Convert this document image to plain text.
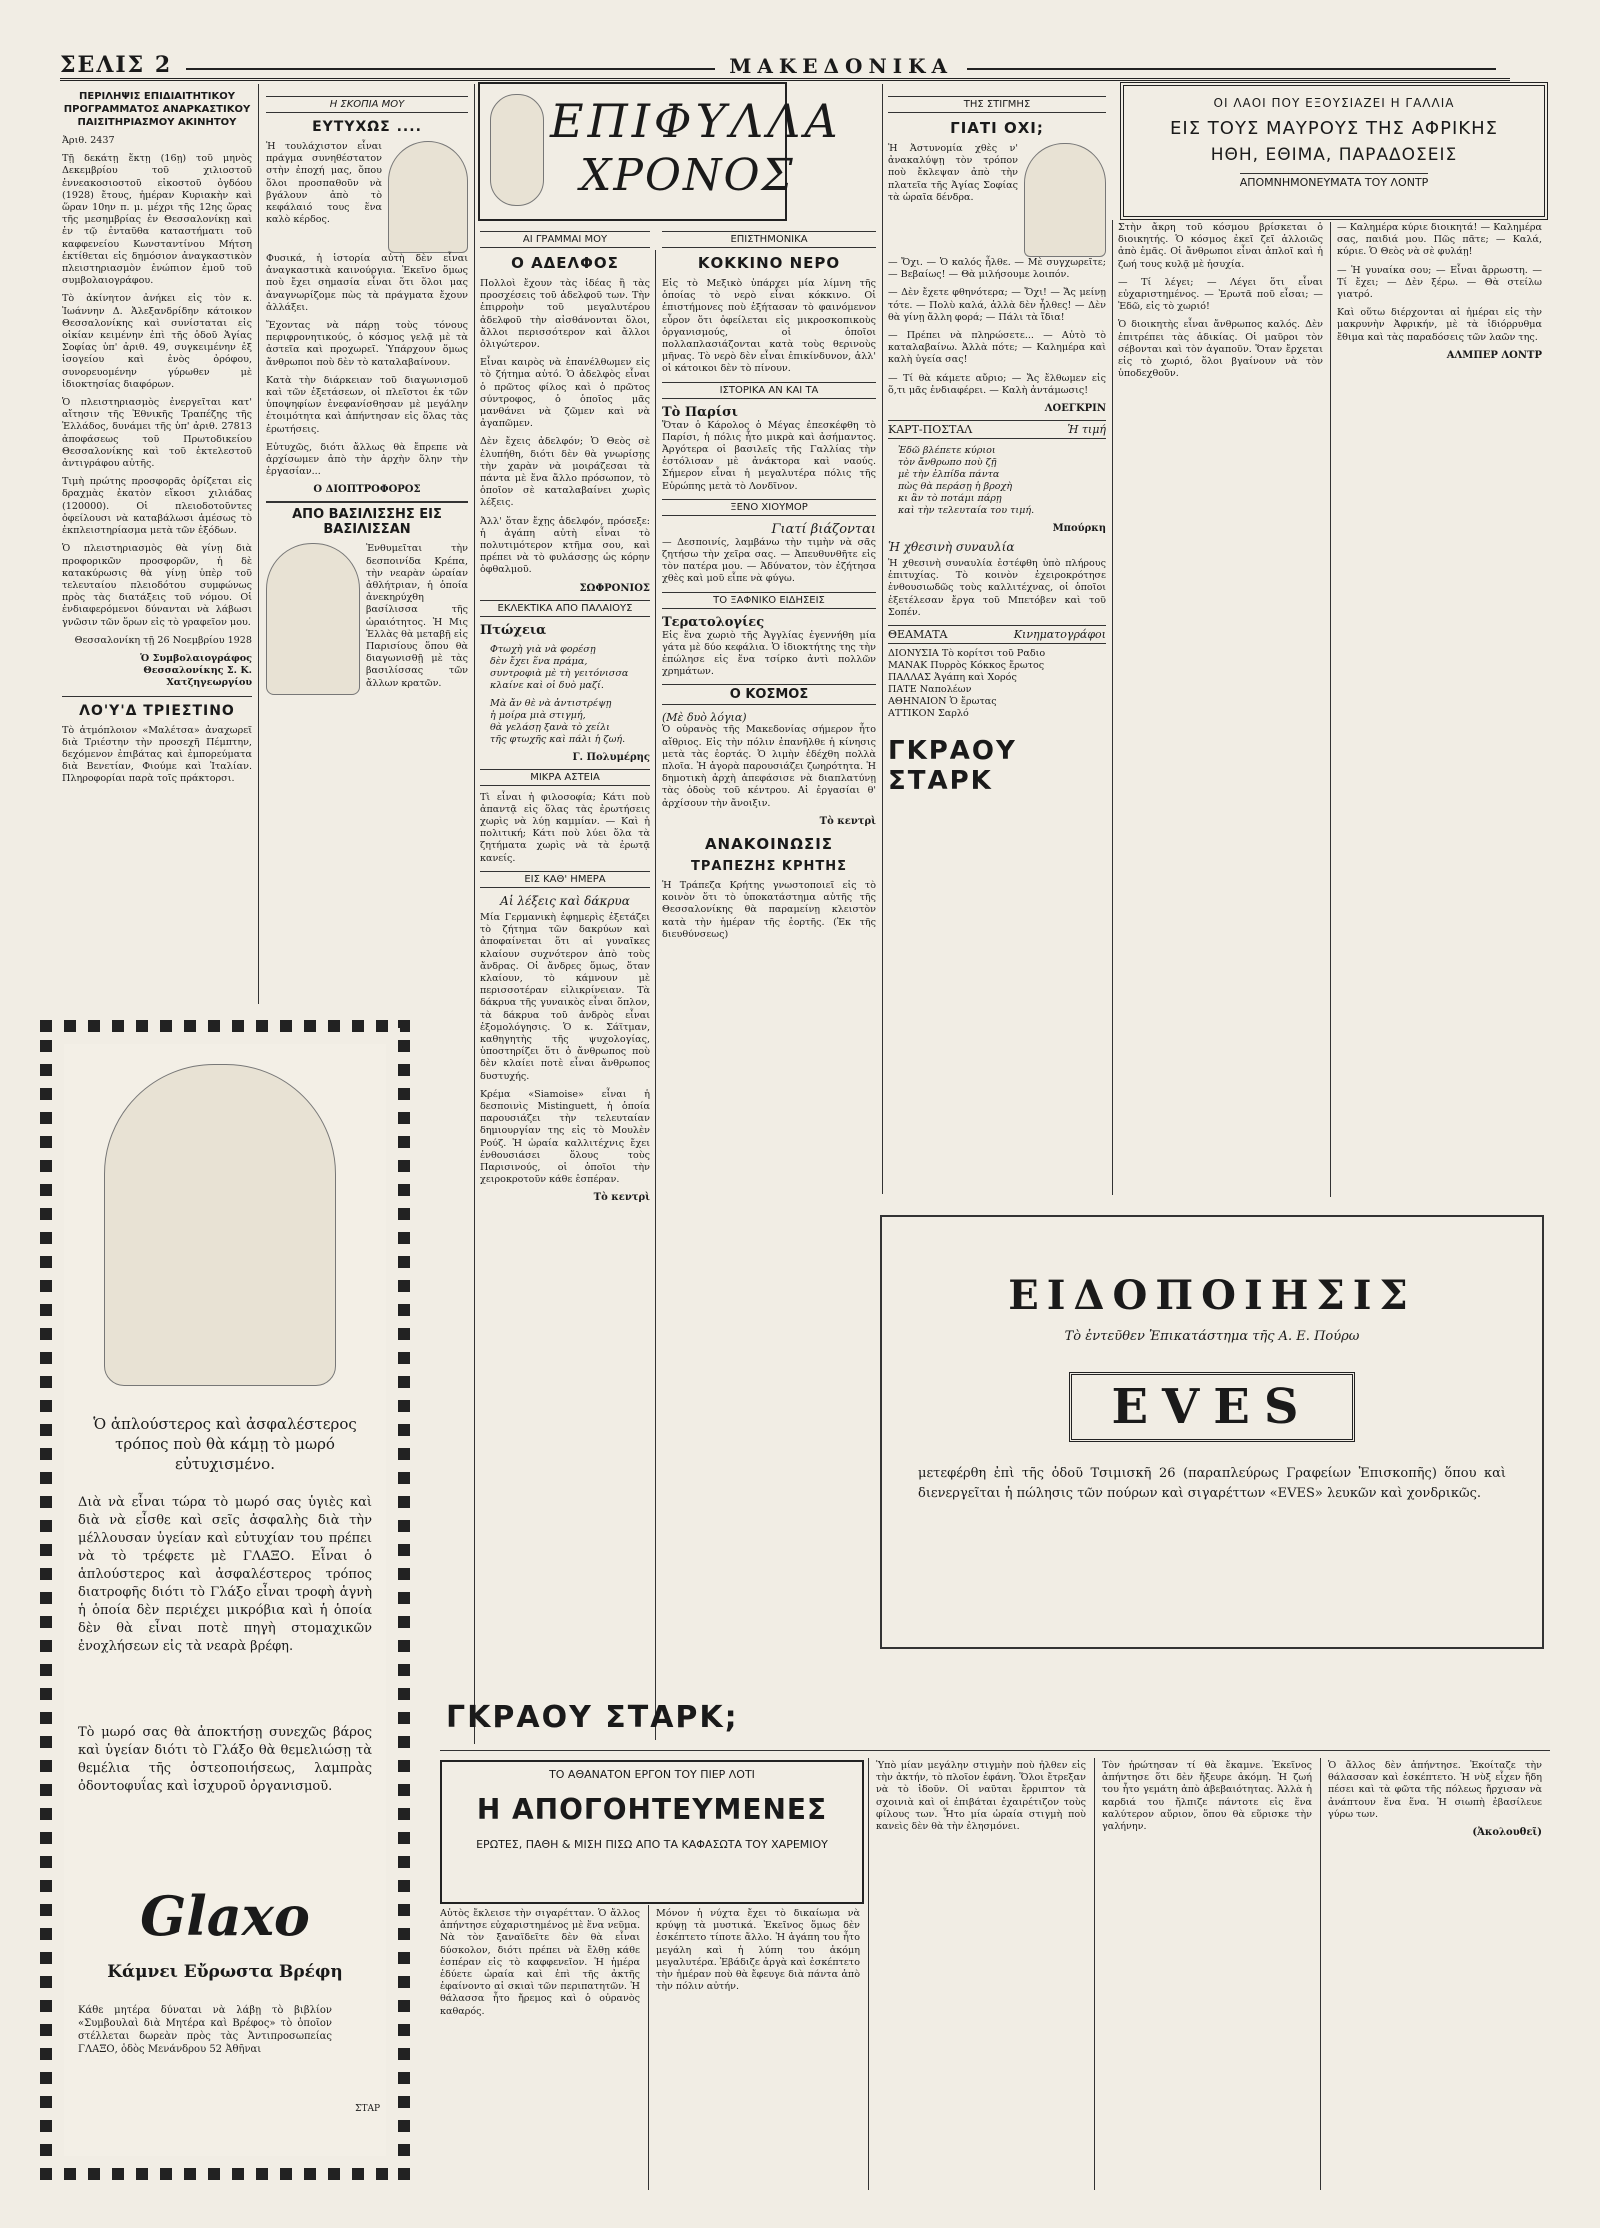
ΣΕΛΙΣ 2	ΜΑΚΕΔΟΝΙΚΑ
ΠΕΡΙΛΗΨΙΣ ΕΠΙΔΙΑΙΤΗΤΙΚΟΥ
ΠΡΟΓΡΑΜΜΑΤΟΣ ΑΝΑΡΚΑΣΤΙΚΟΥ
ΠΑΙΣΙΤΗΡΙΑΣΜΟΥ ΑΚΙΝΗΤΟΥ

Ἀριθ. 2437

Τῇ δεκάτῃ ἕκτῃ (16ῃ) τοῦ μηνὸς Δεκεμβρίου τοῦ χιλιοστοῦ ἐννεακοσιοστοῦ εἰκοστοῦ ὀγδόου (1928) ἔτους, ἡμέραν Κυριακὴν καὶ ὥραν 10ην π. μ. μέχρι τῆς 12ης ὥρας τῆς μεσημβρίας ἐν Θεσσαλονίκῃ καὶ ἐν τῷ ἐνταῦθα καταστήματι τοῦ καφφενείου Κωνσταντίνου Μήτση ἐκτίθεται εἰς δημόσιον ἀναγκαστικὸν πλειστηριασμὸν ἐνώπιον ἐμοῦ τοῦ συμβολαιογράφου.

Τὸ ἀκίνητον ἀνήκει εἰς τὸν κ. Ἰωάννην Δ. Ἀλεξανδρίδην κάτοικον Θεσσαλονίκης καὶ συνίσταται εἰς οἰκίαν κειμένην ἐπὶ τῆς ὁδοῦ Ἁγίας Σοφίας ὑπ' ἀριθ. 49, συγκειμένην ἐξ ἰσογείου καὶ ἑνὸς ὀρόφου, συνορευομένην γύρωθεν μὲ ἰδιοκτησίας διαφόρων.

Ὁ πλειστηριασμὸς ἐνεργεῖται κατ' αἴτησιν τῆς Ἐθνικῆς Τραπέζης τῆς Ἑλλάδος, δυνάμει τῆς ὑπ' ἀριθ. 27813 ἀποφάσεως τοῦ Πρωτοδικείου Θεσσαλονίκης καὶ τοῦ ἐκτελεστοῦ ἀντιγράφου αὐτῆς.

Τιμὴ πρώτης προσφορᾶς ὁρίζεται εἰς δραχμὰς ἑκατὸν εἴκοσι χιλιάδας (120000). Οἱ πλειοδοτοῦντες ὀφείλουσι νὰ καταβάλωσι ἀμέσως τὸ ἐκπλειστηρίασμα μετὰ τῶν ἐξόδων.

Ὁ πλειστηριασμὸς θὰ γίνῃ διὰ προφορικῶν προσφορῶν, ἡ δὲ κατακύρωσις θὰ γίνῃ ὑπὲρ τοῦ τελευταίου πλειοδότου συμφώνως πρὸς τὰς διατάξεις τοῦ νόμου. Οἱ ἐνδιαφερόμενοι δύνανται νὰ λάβωσι γνῶσιν τῶν ὅρων εἰς τὸ γραφεῖον μου.

Θεσσαλονίκη τῇ 26 Νοεμβρίου 1928

Ὁ Συμβολαιογράφος Θεσσαλονίκης Σ. Κ. Χατζηγεωργίου

ΛΟ'Υ'Δ ΤΡΙΕΣΤΙΝΟ

Τὸ ἀτμόπλοιον «Μαλέτσα» ἀναχωρεῖ διὰ Τριέστην τὴν προσεχῆ Πέμπτην, δεχόμενον ἐπιβάτας καὶ ἐμπορεύματα διὰ Βενετίαν, Φιούμε καὶ Ἰταλίαν. Πληροφορίαι παρὰ τοῖς πράκτορσι.

Η ΣΚΟΠΙΑ ΜΟΥ
ΕΥΤΥΧΩΣ ....

Ἡ τουλάχιστον εἶναι πράγμα συνηθέστατον στὴν ἐποχή μας, ὅπου ὅλοι προσπαθοῦν νὰ βγάλουν ἀπὸ τὸ κεφάλαιό τους ἕνα καλὸ κέρδος.

Φυσικά, ἡ ἱστορία αὐτὴ δὲν εἶναι ἀναγκαστικὰ καινούργια. Ἐκεῖνο ὅμως ποὺ ἔχει σημασία εἶναι ὅτι ὅλοι μας ἀναγνωρίζομε πὼς τὰ πράγματα ἔχουν ἀλλάξει.

Ἔχοντας νὰ πάρῃ τοὺς τόνους περιφρονητικούς, ὁ κόσμος γελᾷ μὲ τὰ ἀστεῖα καὶ προχωρεῖ. Ὑπάρχουν ὅμως ἄνθρωποι ποὺ δὲν τὸ καταλαβαίνουν.

Κατὰ τὴν διάρκειαν τοῦ διαγωνισμοῦ καὶ τῶν ἐξετάσεων, οἱ πλεῖστοι ἐκ τῶν ὑποψηφίων ἐνεφανίσθησαν μὲ μεγάλην ἐτοιμότητα καὶ ἀπήντησαν εἰς ὅλας τὰς ἐρωτήσεις.

Εὐτυχῶς, διότι ἄλλως θὰ ἔπρεπε νὰ ἀρχίσωμεν ἀπὸ τὴν ἀρχὴν ὅλην τὴν ἐργασίαν...

Ο ΔΙΟΠΤΡΟΦΟΡΟΣ
ΑΠΟ ΒΑΣΙΛΙΣΣΗΣ ΕΙΣ ΒΑΣΙΛΙΣΣΑΝ

Ἐνθυμεῖται τὴν δεσποινίδα Κρέπα, τὴν νεαρὰν ὡραίαν ἀθλήτριαν, ἡ ὁποία ἀνεκηρύχθη βασίλισσα τῆς ὡραιότητος. Ἡ Μις Ἑλλὰς θὰ μεταβῇ εἰς Παρισίους ὅπου θὰ διαγωνισθῇ μὲ τὰς βασιλίσσας τῶν ἄλλων κρατῶν.

ΕΠΙΦΥΛΛΑ
ΧΡΟΝΟΣ
ΑΙ ΓΡΑΜΜΑΙ ΜΟΥ
Ο ΑΔΕΛΦΟΣ

Πολλοὶ ἔχουν τὰς ἰδέας ἢ τὰς προσχέσεις τοῦ ἀδελφοῦ των. Τὴν ἐπιρροὴν τοῦ μεγαλυτέρου ἀδελφοῦ τὴν αἰσθάνονται ὅλοι, ἄλλοι περισσότερον καὶ ἄλλοι ὀλιγώτερον.

Εἶναι καιρὸς νὰ ἐπανέλθωμεν εἰς τὸ ζήτημα αὐτό. Ὁ ἀδελφὸς εἶναι ὁ πρῶτος φίλος καὶ ὁ πρῶτος σύντροφος, ὁ ὁποῖος μᾶς μανθάνει νὰ ζῶμεν καὶ νὰ ἀγαπῶμεν.

Δὲν ἔχεις ἀδελφόν; Ὁ Θεὸς σὲ ἐλυπήθη, διότι δὲν θὰ γνωρίσῃς τὴν χαρὰν νὰ μοιράζεσαι τὰ πάντα μὲ ἕνα ἄλλο πρόσωπον, τὸ ὁποῖον σὲ καταλαβαίνει χωρὶς λέξεις.

Ἀλλ' ὅταν ἔχῃς ἀδελφόν, πρόσεξε: ἡ ἀγάπη αὐτὴ εἶναι τὸ πολυτιμότερον κτῆμα σου, καὶ πρέπει νὰ τὸ φυλάσσῃς ὡς κόρην ὀφθαλμοῦ.

ΣΩΦΡΟΝΙΟΣ
ΕΚΛΕΚΤΙΚΑ ΑΠΟ ΠΑΛΑΙΟΥΣ
Πτώχεια
Φτωχὴ γιὰ νὰ φορέσῃ
δὲν ἔχει ἕνα πράμα,
συντροφιὰ μὲ τὴ γειτόνισσα
κλαίνε καὶ οἱ δυὸ μαζί.
Μὰ ἄν θὲ νὰ ἀντιστρέψῃ
ἡ μοίρα μιὰ στιγμή,
θὰ γελάσῃ ξανὰ τὸ χείλι
τῆς φτωχῆς καὶ πάλι ἡ ζωή.
Γ. Πολυμέρης
ΜΙΚΡΑ ΑΣΤΕΙΑ

Τὶ εἶναι ἡ φιλοσοφία; Κάτι ποὺ ἀπαντᾷ εἰς ὅλας τὰς ἐρωτήσεις χωρὶς νὰ λύῃ καμμίαν. — Καὶ ἡ πολιτική; Κάτι ποὺ λύει ὅλα τὰ ζητήματα χωρὶς νὰ τὰ ἐρωτᾷ κανείς.

ΕΙΣ ΚΑΘ' ΗΜΕΡΑ
Αἱ λέξεις καὶ δάκρυα

Μία Γερμανικὴ ἐφημερὶς ἐξετάζει τὸ ζήτημα τῶν δακρύων καὶ ἀποφαίνεται ὅτι αἱ γυναῖκες κλαίουν συχνότερον ἀπὸ τοὺς ἄνδρας. Οἱ ἄνδρες ὅμως, ὅταν κλαίουν, τὸ κάμνουν μὲ περισσοτέραν εἰλικρίνειαν. Τὰ δάκρυα τῆς γυναικὸς εἶναι ὅπλον, τὰ δάκρυα τοῦ ἀνδρὸς εἶναι ἐξομολόγησις. Ὁ κ. Σάϊτμαν, καθηγητὴς τῆς ψυχολογίας, ὑποστηρίζει ὅτι ὁ ἄνθρωπος ποὺ δὲν κλαίει ποτὲ εἶναι ἄνθρωπος δυστυχής.

Κρέμα «Siamoise» εἶναι ἡ δεσποινὶς Mistinguett, ἡ ὁποία παρουσιάζει τὴν τελευταίαν δημιουργίαν της εἰς τὸ Μουλὲν Ρούζ. Ἡ ὡραία καλλιτέχνις ἔχει ἐνθουσιάσει ὅλους τοὺς Παρισινούς, οἱ ὁποῖοι τὴν χειροκροτοῦν κάθε ἑσπέραν.

Τὸ κεντρὶ
ΕΠΙΣΤΗΜΟΝΙΚΑ
ΚΟΚΚΙΝΟ ΝΕΡΟ

Εἰς τὸ Μεξικὸ ὑπάρχει μία λίμνη τῆς ὁποίας τὸ νερὸ εἶναι κόκκινο. Οἱ ἐπιστήμονες ποὺ ἐξήτασαν τὸ φαινόμενον εὗρον ὅτι ὀφείλεται εἰς μικροσκοπικοὺς ὀργανισμούς, οἱ ὁποῖοι πολλαπλασιάζονται κατὰ τοὺς θερινοὺς μῆνας. Τὸ νερὸ δὲν εἶναι ἐπικίνδυνον, ἀλλ' οἱ κάτοικοι δὲν τὸ πίνουν.

ΙΣΤΟΡΙΚΑ ΑΝ ΚΑΙ ΤΑ
Τὸ Παρίσι

Ὅταν ὁ Κάρολος ὁ Μέγας ἐπεσκέφθη τὸ Παρίσι, ἡ πόλις ἦτο μικρὰ καὶ ἀσήμαντος. Ἀργότερα οἱ βασιλεῖς τῆς Γαλλίας τὴν ἐστόλισαν μὲ ἀνάκτορα καὶ ναούς. Σήμερον εἶναι ἡ μεγαλυτέρα πόλις τῆς Εὐρώπης μετὰ τὸ Λονδῖνον.

ΞΕΝΟ ΧΙΟΥΜΟΡ
Γιατί βιάζονται

— Δεσποινίς, λαμβάνω τὴν τιμὴν νὰ σᾶς ζητήσω τὴν χεῖρα σας. — Ἀπευθυνθῆτε εἰς τὸν πατέρα μου. — Ἀδύνατον, τὸν ἐζήτησα χθὲς καὶ μοῦ εἶπε νὰ φύγω.

ΤΟ ΞΑΦΝΙΚΟ ΕΙΔΗΣΕΙΣ
Τερατολογίες

Εἰς ἕνα χωριὸ τῆς Ἀγγλίας ἐγεννήθη μία γάτα μὲ δύο κεφάλια. Ὁ ἰδιοκτήτης της τὴν ἐπώλησε εἰς ἕνα τσίρκο ἀντὶ πολλῶν χρημάτων.

Ο ΚΟΣΜΟΣ
(Μὲ δυὸ λόγια)

Ὁ οὐρανὸς τῆς Μακεδονίας σήμερον ἦτο αἴθριος. Εἰς τὴν πόλιν ἐπανῆλθε ἡ κίνησις μετὰ τὰς ἑορτάς. Ὁ λιμὴν ἐδέχθη πολλὰ πλοῖα. Ἡ ἀγορὰ παρουσιάζει ζωηρότητα. Ἡ δημοτικὴ ἀρχὴ ἀπεφάσισε νὰ διαπλατύνῃ τὰς ὁδοὺς τοῦ κέντρου. Αἱ ἐργασίαι θ' ἀρχίσουν τὴν ἄνοιξιν.

Τὸ κεντρὶ
ΑΝΑΚΟΙΝΩΣΙΣ
ΤΡΑΠΕΖΗΣ ΚΡΗΤΗΣ

Ἡ Τράπεζα Κρήτης γνωστοποιεῖ εἰς τὸ κοινὸν ὅτι τὸ ὑποκατάστημα αὐτῆς τῆς Θεσσαλονίκης θὰ παραμείνῃ κλειστὸν κατὰ τὴν ἡμέραν τῆς ἑορτῆς. (Ἐκ τῆς διευθύνσεως)

ΤΗΣ ΣΤΙΓΜΗΣ
ΓΙΑΤΙ ΟΧΙ;

Ἡ Ἀστυνομία χθὲς ν' ἀνακαλύψῃ τὸν τρόπον ποὺ ἔκλεψαν ἀπὸ τὴν πλατεῖα τῆς Ἀγίας Σοφίας τὰ ὡραῖα δένδρα.

— Ὄχι. — Ὁ καλός ἦλθε. — Μὲ συγχωρεῖτε; — Βεβαίως! — Θὰ μιλήσουμε λοιπόν.

— Δὲν ἔχετε φθηνότερα; — Ὄχι! — Ἄς μείνῃ τότε. — Πολὺ καλά, ἀλλὰ δὲν ἦλθες! — Δὲν θὰ γίνῃ ἄλλη φορά; — Πάλι τὰ ἴδια!

— Πρέπει νὰ πληρώσετε... — Αὐτὸ τὸ καταλαβαίνω. Ἀλλὰ πότε; — Καλημέρα καὶ καλὴ ὑγεία σας!

— Τί θὰ κάμετε αὔριο; — Ἄς ἔλθωμεν εἰς ὅ,τι μᾶς ἐνδιαφέρει. — Καλὴ ἀντάμωσις!

ΛΟΕΓΚΡΙΝ
ΚΑΡΤ-ΠΟΣΤΑΛ	Ἡ τιμή
Ἐδῶ βλέπετε κύριοι
τὸν ἄνθρωπο ποὺ ζῇ
μὲ τὴν ἐλπίδα πάντα
πὼς θὰ περάσῃ ἡ βροχὴ
κι ἂν τὸ ποτάμι πάρῃ
καὶ τὴν τελευταία του τιμή.
Μπούρκη
Ἡ χθεσινὴ συναυλία

Ἡ χθεσινὴ συναυλία ἐστέφθη ὑπὸ πλήρους ἐπιτυχίας. Τὸ κοινὸν ἐχειροκρότησε ἐνθουσιωδῶς τοὺς καλλιτέχνας, οἱ ὁποῖοι ἐξετέλεσαν ἔργα τοῦ Μπετόβεν καὶ τοῦ Σοπέν.

ΘΕΑΜΑΤΑ	Κινηματογράφοι
ΔΙΟΝΥΣΙΑ Τὸ κορίτσι τοῦ Ραδιο
ΜΑΝΑΚ Πυρρὸς Κόκκος ἔρωτος
ΠΑΛΛΑΣ Ἀγάπη καὶ Χορός
ΠΑΤΕ Ναπολέων
ΑΘΗΝΑΙΟΝ Ὁ ἔρωτας
ΑΤΤΙΚΟΝ Σαρλό
ΓΚΡΑΟΥ ΣΤΑΡΚ
ΟΙ ΛΑΟΙ ΠΟΥ ΕΞΟΥΣΙΑΖΕΙ Η ΓΑΛΛΙΑ
ΕΙΣ ΤΟΥΣ ΜΑΥΡΟΥΣ ΤΗΣ ΑΦΡΙΚΗΣ
ΗΘΗ, ΕΘΙΜΑ, ΠΑΡΑΔΟΣΕΙΣ
ΑΠΟΜΝΗΜΟΝΕΥΜΑΤΑ ΤΟΥ ΛΟΝΤΡ

Στὴν ἄκρη τοῦ κόσμου βρίσκεται ὁ διοικητής. Ὁ κόσμος ἐκεῖ ζεῖ ἀλλοιῶς ἀπὸ ἐμᾶς. Οἱ ἄνθρωποι εἶναι ἁπλοῖ καὶ ἡ ζωή τους κυλᾷ μὲ ἡσυχία.

— Τί λέγει; — Λέγει ὅτι εἶναι εὐχαριστημένος. — Ἐρωτᾶ ποῦ εἶσαι; — Ἐδῶ, εἰς τὸ χωριό!

Ὁ διοικητὴς εἶναι ἄνθρωπος καλός. Δὲν ἐπιτρέπει τὰς ἀδικίας. Οἱ μαῦροι τὸν σέβονται καὶ τὸν ἀγαποῦν. Ὅταν ἔρχεται εἰς τὸ χωριό, ὅλοι βγαίνουν νὰ τὸν ὑποδεχθοῦν.

— Καλημέρα κύριε διοικητά! — Καλημέρα σας, παιδιά μου. Πῶς πᾶτε; — Καλά, κύριε. Ὁ Θεὸς νὰ σὲ φυλάῃ!

— Ἡ γυναίκα σου; — Εἶναι ἄρρωστη. — Τί ἔχει; — Δὲν ξέρω. — Θὰ στείλω γιατρό.

Καὶ οὕτω διέρχονται αἱ ἡμέραι εἰς τὴν μακρυνὴν Ἀφρικήν, μὲ τὰ ἰδιόρρυθμα ἔθιμα καὶ τὰς παραδόσεις τῶν λαῶν της.

ΑΛΜΠΕΡ ΛΟΝΤΡ
Ὁ ἁπλούστερος καὶ ἀσφαλέστερος τρόπος ποὺ θὰ κάμῃ τὸ μωρό εὐτυχισμένο.
Διὰ νὰ εἶναι τώρα τὸ μωρό σας ὑγιὲς καὶ διὰ νὰ εἶσθε καὶ σεῖς ἀσφαλὴς διὰ τὴν μέλλουσαν ὑγείαν καὶ εὐτυχίαν του πρέπει νὰ τὸ τρέφετε μὲ ΓΛΑΞΟ. Εἶναι ὁ ἁπλούστερος καὶ ἀσφαλέστερος τρόπος διατροφῆς διότι τὸ Γλάξο εἶναι τροφὴ ἁγνὴ ἡ ὁποία δὲν περιέχει μικρόβια καὶ ἡ ὁποία δὲν θὰ εἶναι ποτὲ πηγὴ στομαχικῶν ἐνοχλήσεων εἰς τὰ νεαρὰ βρέφη.
Τὸ μωρό σας θὰ ἀποκτήσῃ συνεχῶς βάρος καὶ ὑγείαν διότι τὸ Γλάξο θὰ θεμελιώσῃ τὰ θεμέλια τῆς ὀστεοποιήσεως, λαμπρὰς ὀδοντοφυΐας καὶ ἰσχυροῦ ὀργανισμοῦ.
Glaxo
Κάμνει Εὔρωστα Βρέφη
Κάθε μητέρα δύναται νὰ λάβῃ τὸ βιβλίον «Συμβουλαὶ διὰ Μητέρα καὶ Βρέφος» τὸ ὁποῖον στέλλεται δωρεὰν πρὸς τὰς Ἀντιπροσωπείας ΓΛΑΞΟ, ὁδὸς Μενάνδρου 52 Ἀθῆναι
ΣΤΑΡ
ΓΚΡΑΟΥ ΣΤΑΡΚ;
ΤΟ ΑΘΑΝΑΤΟΝ ΕΡΓΟΝ ΤΟΥ ΠΙΕΡ ΛΟΤΙ
Η ΑΠΟΓΟΗΤΕΥΜΕΝΕΣ
ΕΡΩΤΕΣ, ΠΑΘΗ & ΜΙΣΗ ΠΙΣΩ ΑΠΟ ΤΑ ΚΑΦΑΣΩΤΑ ΤΟΥ ΧΑΡΕΜΙΟΥ
ΕΙΔΟΠΟΙΗΣΙΣ
Τὸ ἐντεῦθεν Ἐπικατάστημα τῆς Α. Ε. Πούρω
EVES
μετεφέρθη ἐπὶ τῆς ὁδοῦ Τσιμισκῆ 26 (παραπλεύρως Γραφείων Ἐπισκοπῆς) ὅπου καὶ διενεργεῖται ἡ πώλησις τῶν πούρων καὶ σιγαρέττων «EVES» λευκῶν καὶ χονδρικῶς.

Αὐτὸς ἔκλεισε τὴν σιγαρέτταν. Ὁ ἄλλος ἀπήντησε εὐχαριστημένος μὲ ἕνα νεῦμα. Νὰ τὸν ξαναϊδεῖτε δὲν θὰ εἶναι δύσκολον, διότι πρέπει νὰ ἔλθῃ κάθε ἑσπέραν εἰς τὸ καφφενεῖον. Ἡ ἡμέρα ἐδύετε ὡραία καὶ ἐπὶ τῆς ἀκτῆς ἐφαίνοντο αἱ σκιαὶ τῶν περιπατητῶν. Ἡ θάλασσα ἦτο ἤρεμος καὶ ὁ οὐρανὸς καθαρός.

Μόνον ἡ νύχτα ἔχει τὸ δικαίωμα νὰ κρύψῃ τὰ μυστικά. Ἐκεῖνος ὅμως δὲν ἐσκέπτετο τίποτε ἄλλο. Ἡ ἀγάπη του ἦτο μεγάλη καὶ ἡ λύπη του ἀκόμη μεγαλυτέρα. Ἐβάδιζε ἀργὰ καὶ ἐσκέπτετο τὴν ἡμέραν ποὺ θὰ ἔφευγε διὰ πάντα ἀπὸ τὴν πόλιν αὐτήν.

Ὑπὸ μίαν μεγάλην στιγμὴν ποὺ ἦλθεν εἰς τὴν ἀκτήν, τὸ πλοῖον ἐφάνη. Ὅλοι ἔτρεξαν νὰ τὸ ἰδοῦν. Οἱ ναῦται ἔρριπτον τὰ σχοινιὰ καὶ οἱ ἐπιβάται ἐχαιρέτιζον τοὺς φίλους των. Ἦτο μία ὡραία στιγμὴ ποὺ κανεὶς δὲν θὰ τὴν ἐλησμόνει.

Τὸν ἠρώτησαν τί θὰ ἔκαμνε. Ἐκεῖνος ἀπήντησε ὅτι δὲν ἤξευρε ἀκόμη. Ἡ ζωή του ἦτο γεμάτη ἀπὸ ἀβεβαιότητας. Ἀλλὰ ἡ καρδιά του ἤλπιζε πάντοτε εἰς ἕνα καλύτερον αὔριον, ὅπου θὰ εὕρισκε τὴν γαλήνην.

Ὁ ἄλλος δὲν ἀπήντησε. Ἐκοίταζε τὴν θάλασσαν καὶ ἐσκέπτετο. Ἡ νὺξ εἶχεν ἤδη πέσει καὶ τὰ φῶτα τῆς πόλεως ἤρχισαν νὰ ἀνάπτουν ἕνα ἕνα. Ἡ σιωπὴ ἐβασίλευε γύρω των.

(Ἀκολουθεῖ)
